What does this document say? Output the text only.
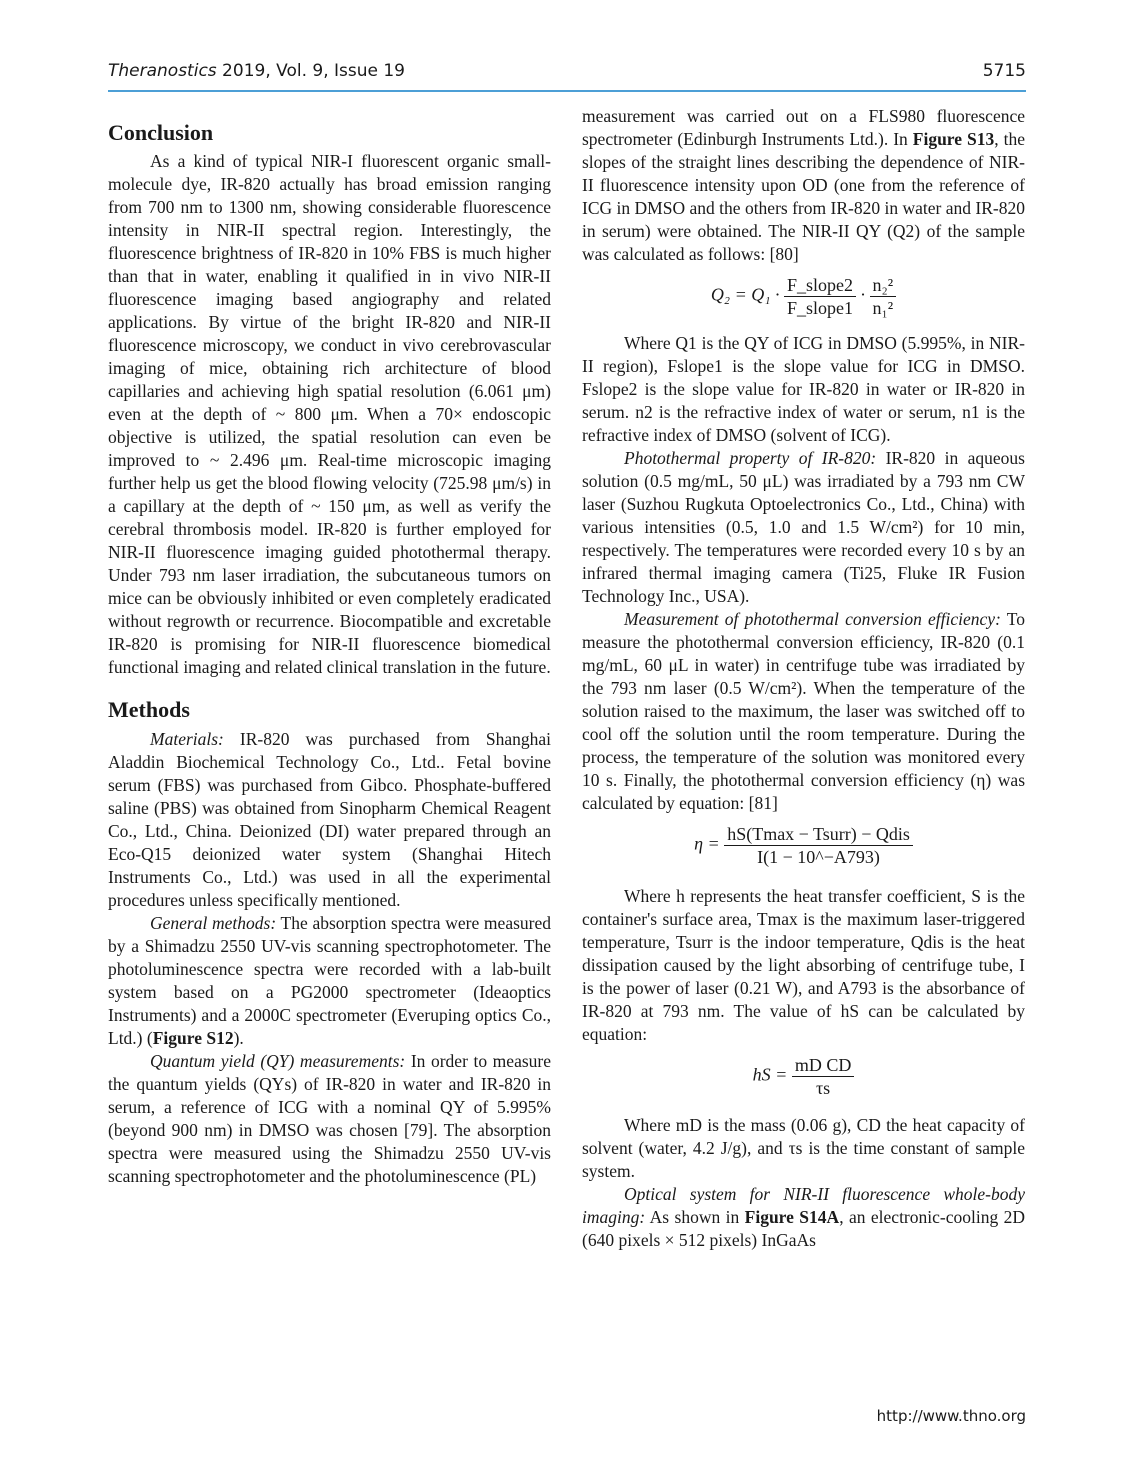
Theranostics 2019, Vol. 9, Issue 19	5715
Conclusion

As a kind of typical NIR-I fluorescent organic small-molecule dye, IR-820 actually has broad emission ranging from 700 nm to 1300 nm, showing considerable fluorescence intensity in NIR-II spectral region. Interestingly, the fluorescence brightness of IR-820 in 10% FBS is much higher than that in water, enabling it qualified in in vivo NIR-II fluorescence imaging based angiography and related applications. By virtue of the bright IR-820 and NIR-II fluorescence microscopy, we conduct in vivo cerebrovascular imaging of mice, obtaining rich architecture of blood capillaries and achieving high spatial resolution (6.061 μm) even at the depth of ~ 800 μm. When a 70× endoscopic objective is utilized, the spatial resolution can even be improved to ~ 2.496 μm. Real-time microscopic imaging further help us get the blood flowing velocity (725.98 μm/s) in a capillary at the depth of ~ 150 μm, as well as verify the cerebral thrombosis model. IR-820 is further employed for NIR-II fluorescence imaging guided photothermal therapy. Under 793 nm laser irradiation, the subcutaneous tumors on mice can be obviously inhibited or even completely eradicated without regrowth or recurrence. Biocompatible and excretable IR-820 is promising for NIR-II fluorescence biomedical functional imaging and related clinical translation in the future.

Methods

Materials: IR-820 was purchased from Shanghai Aladdin Biochemical Technology Co., Ltd.. Fetal bovine serum (FBS) was purchased from Gibco. Phosphate-buffered saline (PBS) was obtained from Sinopharm Chemical Reagent Co., Ltd., China. Deionized (DI) water prepared through an Eco-Q15 deionized water system (Shanghai Hitech Instruments Co., Ltd.) was used in all the experimental procedures unless specifically mentioned.

General methods: The absorption spectra were measured by a Shimadzu 2550 UV-vis scanning spectrophotometer. The photoluminescence spectra were recorded with a lab-built system based on a PG2000 spectrometer (Ideaoptics Instruments) and a 2000C spectrometer (Everuping optics Co., Ltd.) (Figure S12).

Quantum yield (QY) measurements: In order to measure the quantum yields (QYs) of IR-820 in water and IR-820 in serum, a reference of ICG with a nominal QY of 5.995% (beyond 900 nm) in DMSO was chosen [79]. The absorption spectra were measured using the Shimadzu 2550 UV-vis scanning spectrophotometer and the photoluminescence (PL)

measurement was carried out on a FLS980 fluorescence spectrometer (Edinburgh Instruments Ltd.). In Figure S13, the slopes of the straight lines describing the dependence of NIR-II fluorescence intensity upon OD (one from the reference of ICG in DMSO and the others from IR-820 in water and IR-820 in serum) were obtained. The NIR-II QY (Q2) of the sample was calculated as follows: [80]

$Q_2 = Q_1 \cdot \frac{\text{F\_slope2}}{\text{F\_slope1}} \cdot \frac{\text{n₂²}}{\text{n₁²}}$

Where Q1 is the QY of ICG in DMSO (5.995%, in NIR-II region), Fslope1 is the slope value for ICG in DMSO. Fslope2 is the slope value for IR-820 in water or IR-820 in serum. n2 is the refractive index of water or serum, n1 is the refractive index of DMSO (solvent of ICG).

Photothermal property of IR-820: IR-820 in aqueous solution (0.5 mg/mL, 50 μL) was irradiated by a 793 nm CW laser (Suzhou Rugkuta Optoelectronics Co., Ltd., China) with various intensities (0.5, 1.0 and 1.5 W/cm²) for 10 min, respectively. The temperatures were recorded every 10 s by an infrared thermal imaging camera (Ti25, Fluke IR Fusion Technology Inc., USA).

Measurement of photothermal conversion efficiency: To measure the photothermal conversion efficiency, IR-820 (0.1 mg/mL, 60 μL in water) in centrifuge tube was irradiated by the 793 nm laser (0.5 W/cm²). When the temperature of the solution raised to the maximum, the laser was switched off to cool off the solution until the room temperature. During the process, the temperature of the solution was monitored every 10 s. Finally, the photothermal conversion efficiency (η) was calculated by equation: [81]

$\eta = \frac{\text{hS(Tmax − Tsurr) − Qdis}}{I(1 - 10\^{}-A793)}$

Where h represents the heat transfer coefficient, S is the container's surface area, Tmax is the maximum laser-triggered temperature, Tsurr is the indoor temperature, Qdis is the heat dissipation caused by the light absorbing of centrifuge tube, I is the power of laser (0.21 W), and A793 is the absorbance of IR-820 at 793 nm. The value of hS can be calculated by equation:

hS = $\frac{\text{mD CD}}{\tau s}$

Where mD is the mass (0.06 g), CD the heat capacity of solvent (water, 4.2 J/g), and τs is the time constant of sample system.

Optical system for NIR-II fluorescence whole-body imaging: As shown in Figure S14A, an electronic-cooling 2D (640 pixels × 512 pixels) InGaAs

http://www.thno.org
